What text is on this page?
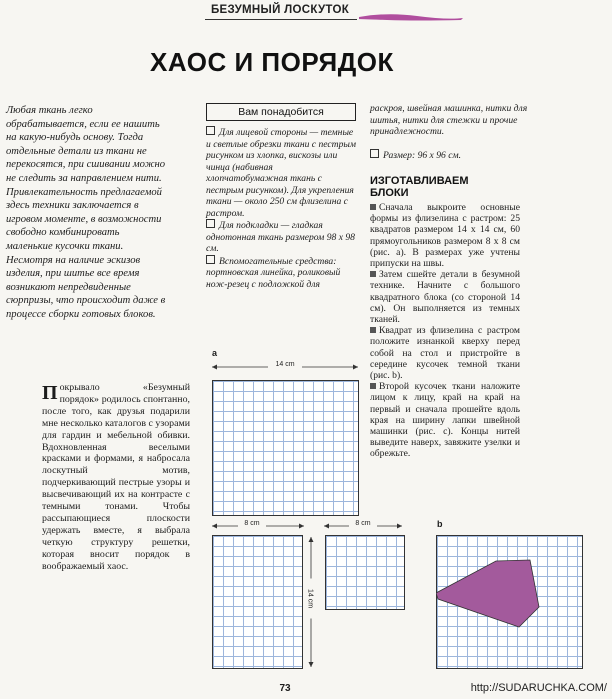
БЕЗУМНЫЙ ЛОСКУТОК
ХАОС И ПОРЯДОК
Любая ткань легко обрабатывается, если ее нашить на какую-нибудь основу. Тогда отдельные детали из ткани не перекосятся, при сшивании можно не следить за направлением нити. Привлекательность предлагаемой здесь техники заключается в игровом моменте, в возможности свободно комбинировать маленькие кусочки ткани. Несмотря на наличие эскизов изделия, при шитье все время возникают непредвиденные сюрпризы, что происходит даже в процессе сборки готовых блоков.
Вам понадобится

Для лицевой стороны — темные и светлые обрезки ткани с пестрым рисунком из хлопка, вискозы или чинца (набивная хлопчатобумажная ткань с пестрым рисунком). Для укрепления ткани — около 250 см флизелина с растром.

Для подкладки — гладкая однотонная ткань размером 98 х 98 см.

Вспомогательные средства: портновская линейка, роликовый нож-резец с подложкой для

раскроя, швейная машинка, нитки для шитья, нитки для стежки и прочие принадлежности.
Размер: 96 х 96 см.
ИЗГОТАВЛИВАЕМ БЛОКИ

Сначала выкроите основные формы из флизелина с растром: 25 квадратов размером 14 х 14 см, 60 прямоугольников размером 8 х 8 см (рис. а). В размерах уже учтены припуски на швы.

Затем сшейте детали в безумной технике. Начните с большого квадратного блока (со стороной 14 см). Он выполняется из темных тканей.

Квадрат из флизелина с растром положите изнанкой кверху перед собой на стол и пристройте в середине кусочек темной ткани (рис. b).

Второй кусочек ткани наложите лицом к лицу, край на край на первый и сначала прошейте вдоль края на ширину лапки швейной машинки (рис. с). Концы нитей выведите наверх, завяжите узелки и обрежьте.

Покрывало «Безумный порядок» родилось спонтанно, после того, как друзья подарили мне несколько каталогов с узорами для гардин и мебельной обивки. Вдохновленная веселыми красками и формами, я набросала лоскутный мотив, подчеркивающий пестрые узоры и высвечивающий их на контрасте с темными тонами. Чтобы рассыпающиеся плоскости удержать вместе, я выбрала четкую структуру решетки, которая вносит порядок в воображаемый хаос.
a
14 cm
8 cm
14 cm
8 cm	b
73	http://SUDARUCHKA.COM/
